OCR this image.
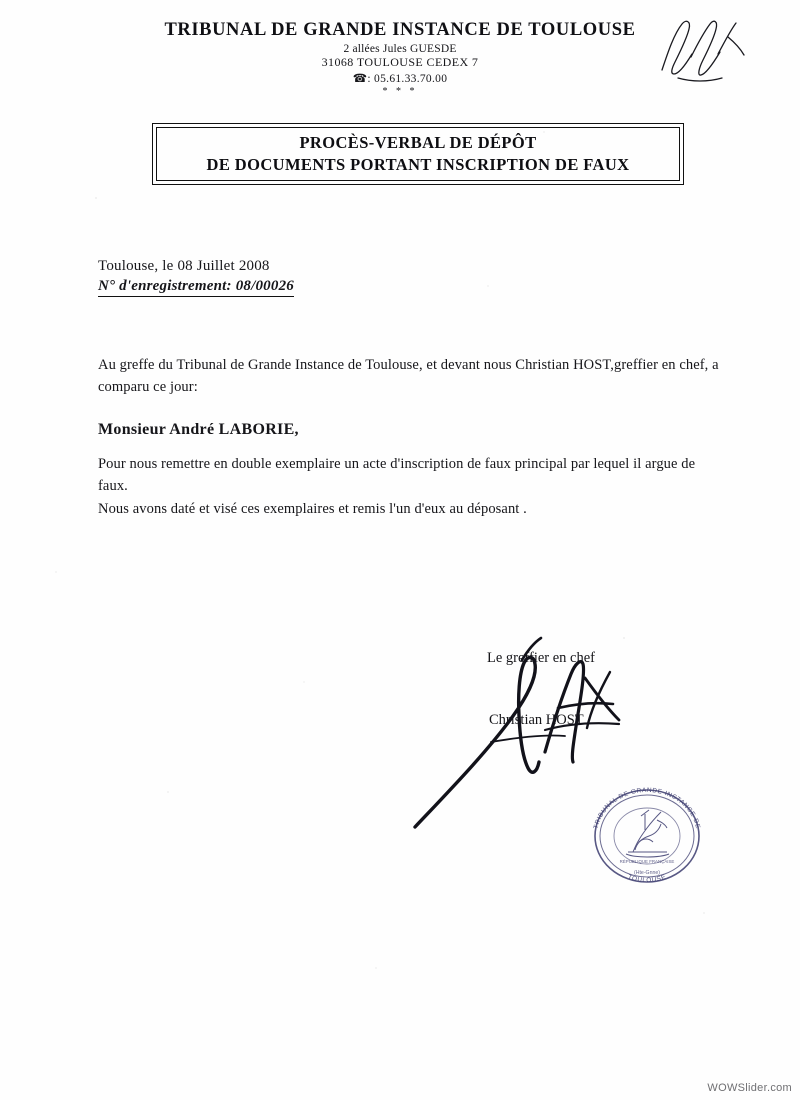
TRIBUNAL DE GRANDE INSTANCE DE TOULOUSE
2 allées Jules GUESDE
31068 TOULOUSE CEDEX 7
☎: 05.61.33.70.00
* * *
PROCÈS-VERBAL DE DÉPÔT
DE DOCUMENTS PORTANT INSCRIPTION DE FAUX
Toulouse, le 08 Juillet 2008
N° d'enregistrement: 08/00026
Au greffe du Tribunal de Grande Instance de Toulouse, et devant nous Christian HOST,greffier en chef, a comparu ce jour:
Monsieur André LABORIE,
Pour nous remettre en double exemplaire un acte d'inscription de faux principal par lequel il argue de faux.
Nous avons daté et visé ces exemplaires et remis l'un d'eux au déposant .
Le greffier en chef
Christian HOST
TRIBUNAL DE GRANDE INSTANCE DE
TOULOUSE
RÉPUBLIQUE FRANÇAISE
(Hte-Gnne)
WOWSlider.com
